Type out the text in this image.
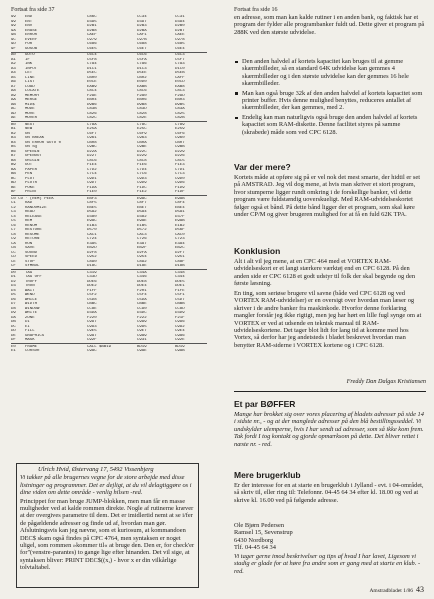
Fortsat fra side 37
99	END	C86C	CC34	CC31
99	ENT	D395	D397	D394
99	ENV	D2B1	D2B3	D2B0
9A	ERASE	D2B8	D2BA	D2B7
9B	ERROR	CAEF	CAF1	CAEE
9C	EVERY	C979	C97B	C978
9D	FOR	C686	C688	C685
9F	GOSUB	C6E5	C6E7	C6E4
A0	GOTO	C6C4	C6C6	C6C3
A1	IF	C5F8	C5FA	C5F7
A2	INK	C7A4	C7A6	C7A3
A3	INPUT	D1C1	D1C3	D1C0
A4	LET	D5EC	D5EE	D5EB
A5	LINE	CB00	CB02	CAFF
A6	LIST	E0CE	E0D0	E0CD
A7	LOAD	EAB9	EABB	EAB8
A8	LOCATE	C8C4	C8C6	C8C3
A9	MEMORY	F29E	F2A0	F29D
AA	MERGE	EB04	EB06	EB03
AB	MID$	D9B6	D9B8	D9B5
AC	MODE	C83B	C83D	C83A
AD	MOVE	C826	C828	C825
AE	MOVER	C82C	C82E	C82B
B0	NEXT	C78A	C78C	C789
B1	NEW	E25A	E25C	E259
B2	ON	C6F7	C6F9	C6F6
B3	ON BREAK	C961	C963	C960
B4	ON ERROR GOTO 0	CB08	CB0A	CB07
B5	ON SQ	C9BC	C9BE	C9BB
B6	OPENIN	D22A	D22C	D229
B7	OPENOUT	D227	D229	D226
B8	ORIGIN	C8C6	C8C8	C8C5
B9	OUT	F1E4	F1E6	F1E3
BA	PAPER	C7D2	C7D4	C7D1
BB	PEN	C7C4	C7C6	C7C3
BC	PLOT	C9D1	C9D3	C9D0
BD	PLOTR	C9D7	C9D9	C9D6
BE	POKE	F1DA	F1DC	F1D9
BF	PRINT	F1E0	F1E2	F1DF
C0 CO ' (REM) PEEK	EBF3	E9AC	E9AB
C1	RAD	C8F5	C8F7	C8F4
C2	RANDOMIZE	EBE5	EBE7	EBE4
C3	READ	D5A2	D5A4	D5A1
C4	RELEASE	D380	D382	D37F
C5	REM	E9AC	E9AE	E9AB
C6	RENUM	E1B3	E1B5	E1B2
C7	RESTORE	D570	D572	D56F
C8	RESUME	CAC1	CAC3	CAC0
C9	RETURN	C724	C726	C723
CA	RUN	E3A5	E3A7	E3A4
CB	SAVE	EB2D	EB2F	EB2C
CC	SOUND	D2F8	D2FA	D2F7
CD	SPEED	C952	C954	C951
CE	STOP	C890	C892	C88F
CF	SYMBOL	D18C	D18E	D18B
D0	TAG	C319	C34A	C348
D1	TAG OFF	C33D	C346	C344
D2	TROFF	DDE6	DDE8	DDE5
D3	TRON	DDE2	DDE4	DDE1
D4	WAIT	F1FF	F201	F1FE
D5	WEND	C5F2	C5F4	C5F1
D6	WHILE	C5D8	C5DA	C5D7
D7	WIDTH	CBBC	CBBE	CBBB
D8	WINDOW	CC8E	CC90	CC8D
D9	WRITE	D3DA	D3DC	D3D9
DA	ZONE	F220	F222	F21F
DB	DI	C997	C999	C996
DC	EI	C993	C995	C992
DD	FILL	C9E5	C9E7	C9E4
DE	GRAPHICS	C9A7	C9A9	C9A6
DF	MASK	C92F	C931	C92E
E0	FRAME	CALL $BB19	BD19	BD19
E1	CURSOR	C9AC	C9AE	C9AB

Ulrich Hvid, Østervang 17, 5492 Vissenbjerg

Vi takker på alle brugernes vegne for de store arbejde med disse listninger og programmer. Det er dejligt, at du vil delagtiggøre os i dine viden om dette område - venlig hilsen -red.

Princippet for man bruge JUMP-blokken, men man får en masse muligheder ved at kalde rommen direkte. Nogle af rutinerne kræver at der overgives parametre til dem. Det er imidlertid nemt at se i/fer de pågældende adresser og finde ud af, hvordan man gør. Afslutningsvis kan jeg nævne, som et kuriosum, at kommandoen DEC$ skam også findes på CPC 4764, men syntaksen er noget uligel, som rommen »kommer til« at bruge den. Den er, for check'er for"(venstre-parantes) to gange lige efter hinanden. Det vil sige, at syntaksen bliver: PRINT DEC$((x,) - hvor x er din vilkårlige tolvtaltabel.

Fortsat fra side 16

en adresse, som man kan kalde rutiner i en anden bank, og faktisk har et program der fylder alle programbanker fuldt ud. Dette giver et program på 288K ved den største udvidelse.

Den anden halvdel af kortets kapacitet kan bruges til at gemme skærmbilleder, så en standard 64K udvidelse kan gemmes 4 skærmbilleder og i den største udvidelse kan der gemmes 16 hele skærmbilleder.
Man kan også bruge 32k af den anden halvdel af kortets kapacitet som printer buffer. Hvis denne mulighed benyttes, reduceres antallet af skærmbilleder, der kan gemmes, med 2.
Endelig kan man naturligvis også bruge den anden halvdel af kortets kapacitet som RAM-diskette. Denne facilitet styres på samme (skrabede) måde som ved CPC 6128.
Var der mere?

Kortets måde at opføre sig på er vel nok det mest smarte, der hidtil er set på AMSTRAD. Jeg vil dog mene, at hvis man skriver et stort program, hvor stumperne ligger rundt omkring i de forskellige banker, vil dette program være fuldstændig uoverskueligt. Med RAM-udvidelseskortet følger også et bånd. På dette bånd ligger der et program, som skal køre under CP/M og giver brugeren mulighed for at få en fuld 62K TPA.

Konklusion

Alt i alt vil jeg mene, at en CPC 464 med et VORTEX RAM-udvidelseskort er et langt stærkere værktøj end en CPC 6128. På den anden side er CPC 6128 et godt udstyr til folk der skal begynde og den første læsning.

En ting, som seriøse brugere vil savne (både ved CPC 6128 og ved VORTEX RAM-udvidelser) er en oversigt over hvordan man læser og skriver i de andre banker fra maskinkode. Hvorfor denne forklaring mangler forstår jeg ikke rigtigt, men jeg har hørt en lille fugl synge om at VORTEX er ved at udsende en teknisk manual til RAM-udvidelseskortene. Det tager blot lidt for lang tid at komme med hos Vortex, så derfor har jeg andetsteds i bladet beskrevet hvordan man benytter RAM-siderne i VORTEX kortene og i CPC 6128.

Freddy Dan Dalgas Kristiansen
Et par BØFFER

Mange har brokket sig over vores placering af bladets adresser på side 14 i sidste nr., - og at der manglede adresser på den blå bestillingsseddel. Vi undskylder ulemperne, hvis I har sendt ud adresser, som så ikke kom frem. Tak fordi I tog kontakt og gjorde opmærksom på dette. Det bliver rettet i næste nr. - red.

Mere brugerklub

Er der interesse for en at starte en brugerklub i Jylland - evt. i 04-området, så skriv til, eller ring til: Telefonnr. 04-45 64 34 efter kl. 18.00 og ved at skrive kl. 16.00 ved på følgende adresse.

Ole Bjørn Pedersen
Ramsel 15, Sevenstrup
6430 Nordborg
Tlf. 04-45 64 34

Vi tager gerne imod beskrivelser og tips af hvad I har lavet, Ligesom vi stadig er glade for at høre fra andre som er gang med at starte en klub. -red.

Amstradbladet 1/86 43
